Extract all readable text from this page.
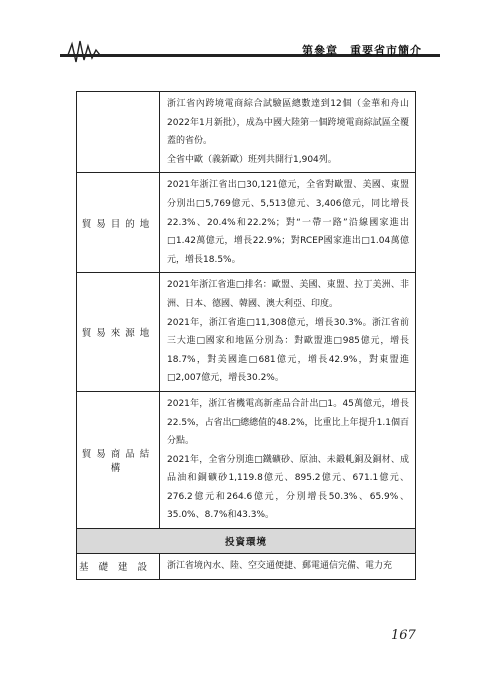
第參章　重要省市簡介

	浙江省內跨境電商綜合試驗區總數達到12個（金華和舟山2022年1月新批），成為中國大陸第一個跨境電商綜試區全覆蓋的省份。

全省中歐（義新歐）班列共開行1,904列。

貿易目的地	2021年浙江省出□30,121億元，全省對歐盟、美國、東盟分別出□5,769億元、5,513億元、3,406億元，同比增長22.3%、20.4%和22.2%；對“一帶一路”沿線國家進出□1.42萬億元，增長22.9%；對RCEP國家進出□1.04萬億元，增長18.5%。

貿易來源地	2021年浙江省進□排名：歐盟、美國、東盟、拉丁美洲、非洲、日本、德國、韓國、澳大利亞、印度。

2021年，浙江省進□11,308億元，增長30.3%。浙江省前三大進□國家和地區分別為：對歐盟進□985億元，增長18.7%，對美國進□681億元，增長42.9%，對東盟進□2,007億元，增長30.2%。

貿易商品結構	2021年，浙江省機電高新產品合計出□1。45萬億元，增長22.5%，占省出□總總值的48.2%，比重比上年提升1.1個百分點。

2021年，全省分別進□鐵礦砂、原油、未鍛軋銅及銅材、成品油和銅礦砂1,119.8億元、895.2億元、671.1億元、276.2億元和264.6億元，分別增長50.3%、65.9%、35.0%、8.7%和43.3%。

投資環境	
基礎建設	浙江省境內水、陸、空交通便捷、郵電通信完備、電力充
167
